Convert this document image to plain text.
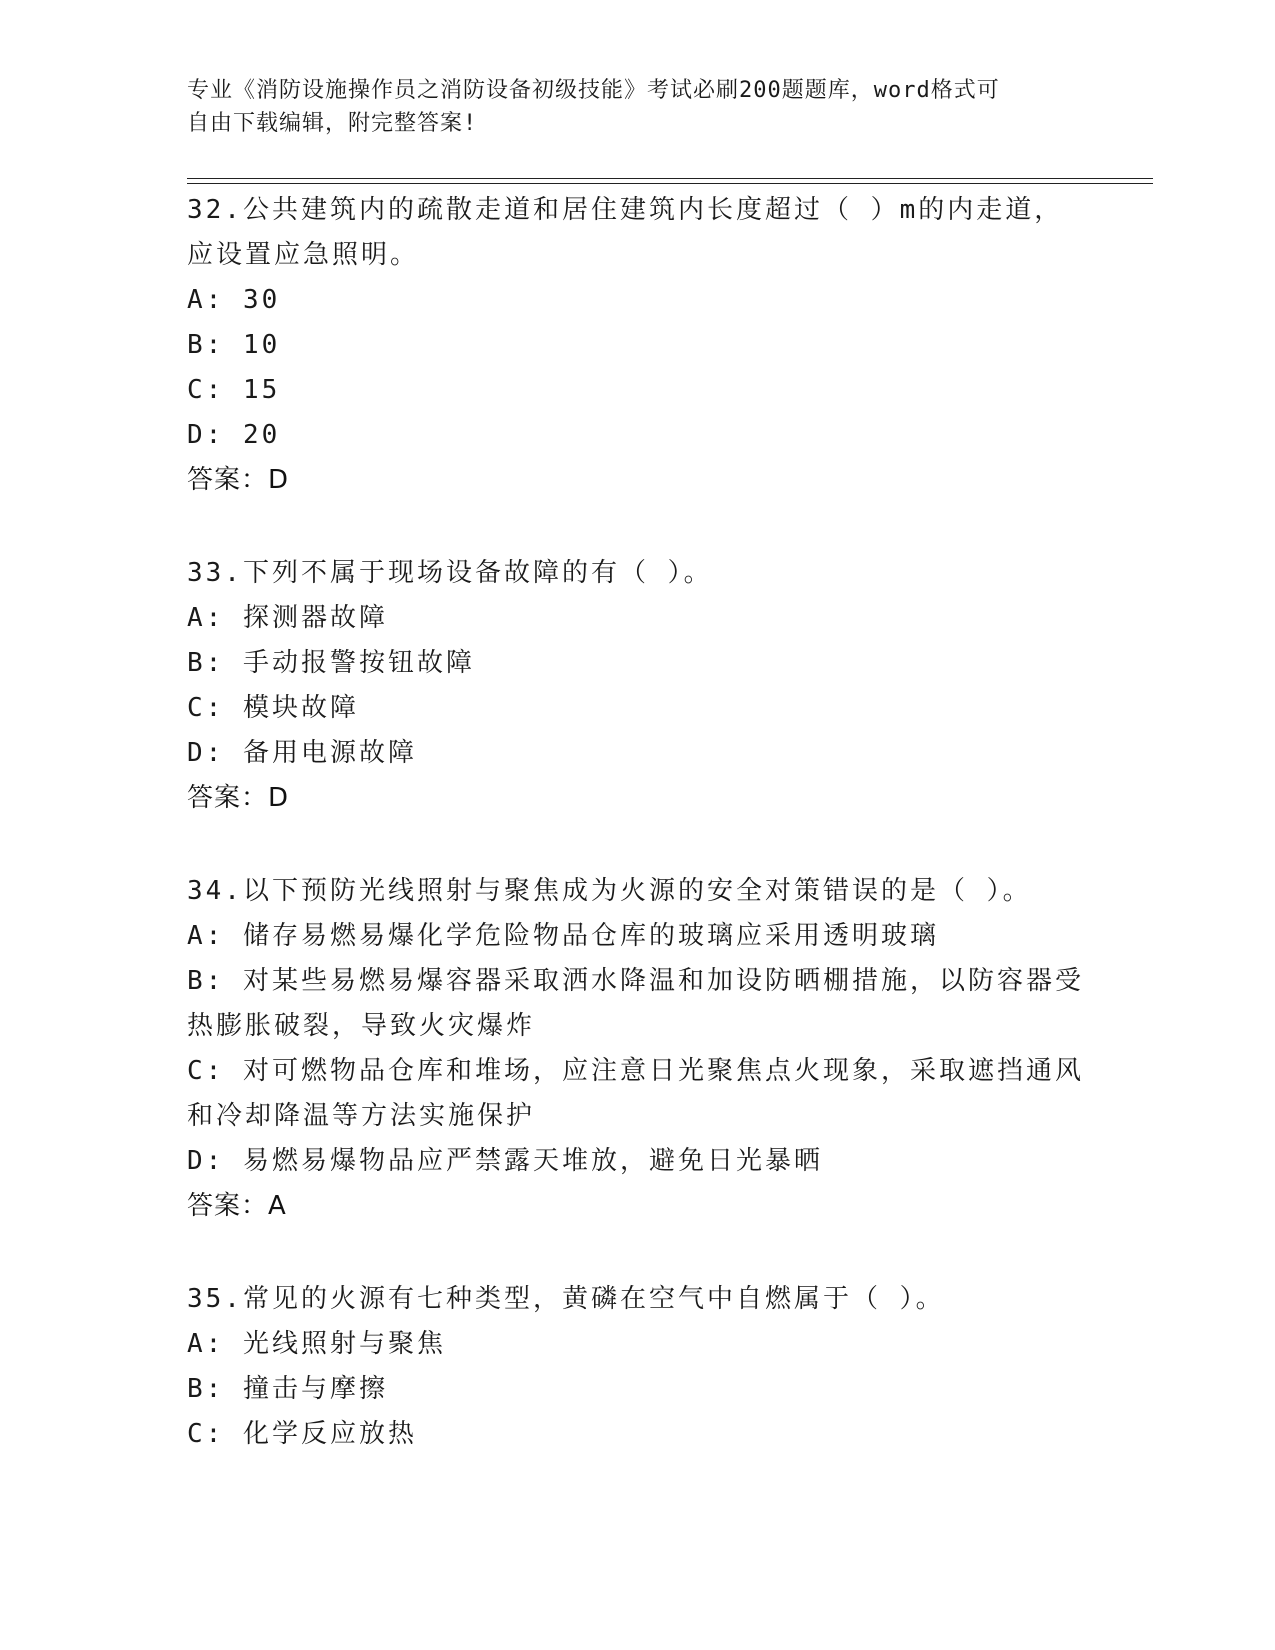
专业《消防设施操作员之消防设备初级技能》考试必刷200题题库，word格式可
自由下载编辑，附完整答案!
32.公共建筑内的疏散走道和居住建筑内长度超过（ ）m的内走道，
应设置应急照明。
A: 30
B: 10
C: 15
D: 20
答案：D
33.下列不属于现场设备故障的有（ ）。
A: 探测器故障
B: 手动报警按钮故障
C: 模块故障
D: 备用电源故障
答案：D
34.以下预防光线照射与聚焦成为火源的安全对策错误的是（ ）。
A: 储存易燃易爆化学危险物品仓库的玻璃应采用透明玻璃
B: 对某些易燃易爆容器采取洒水降温和加设防晒棚措施，以防容器受
热膨胀破裂，导致火灾爆炸
C: 对可燃物品仓库和堆场，应注意日光聚焦点火现象，采取遮挡通风
和冷却降温等方法实施保护
D: 易燃易爆物品应严禁露天堆放，避免日光暴晒
答案：A
35.常见的火源有七种类型，黄磷在空气中自燃属于（ ）。
A: 光线照射与聚焦
B: 撞击与摩擦
C: 化学反应放热
